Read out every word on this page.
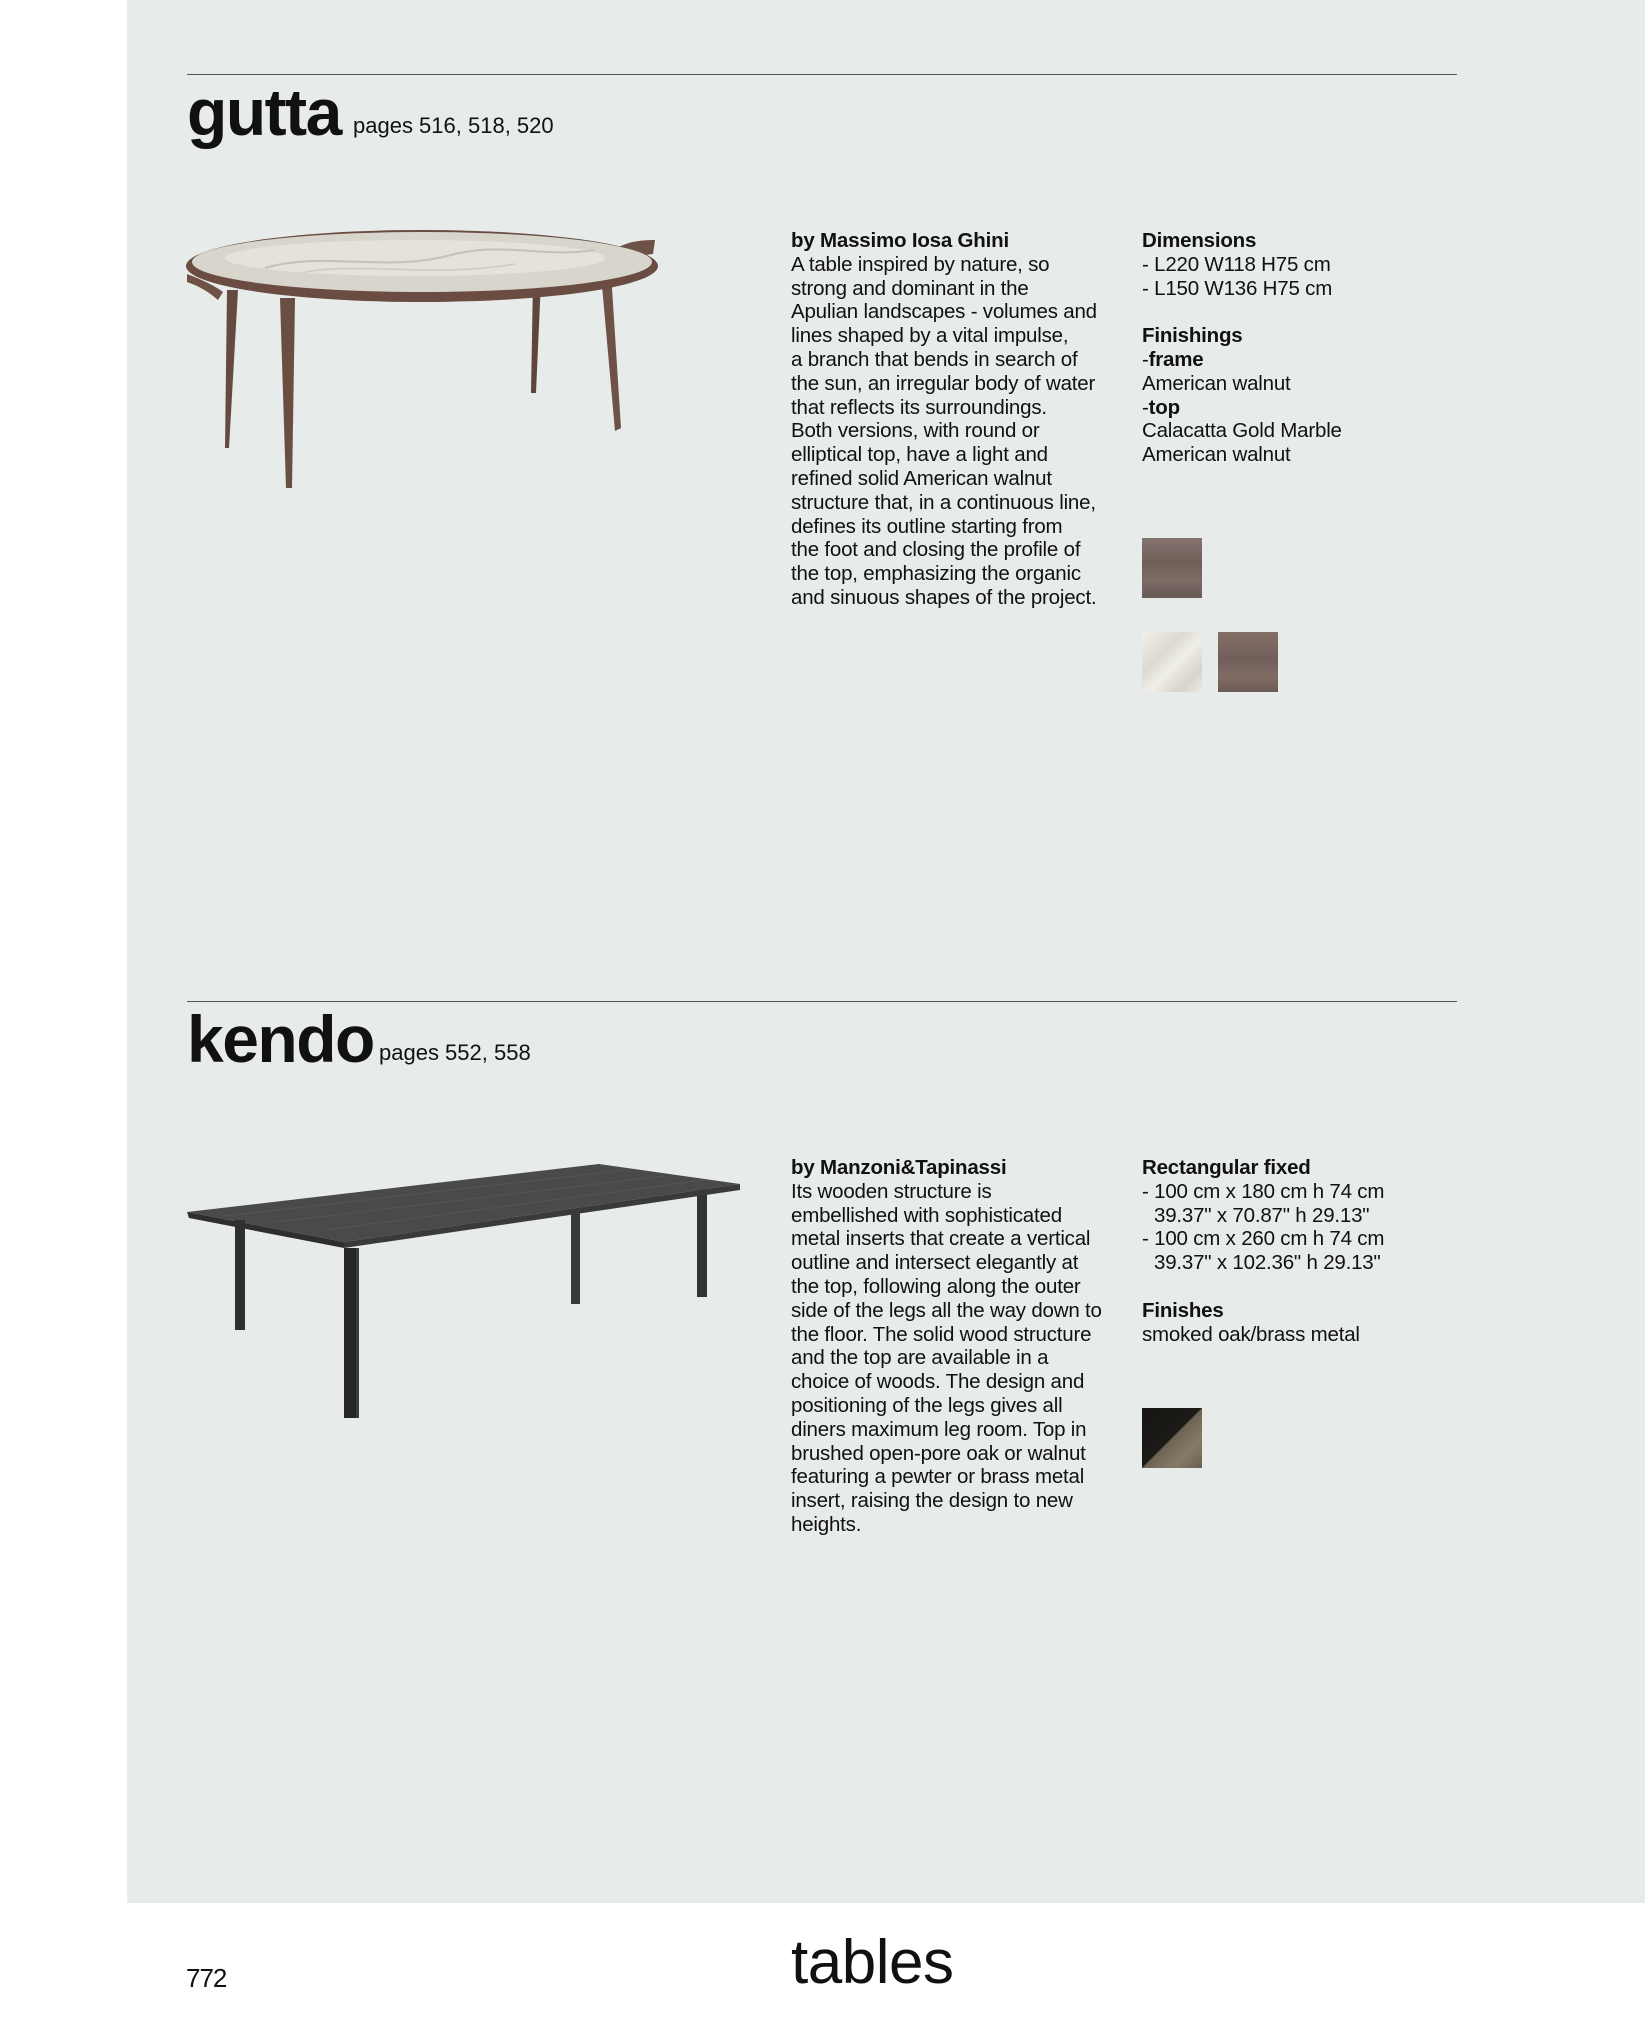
gutta pages 516, 518, 520
by Massimo Iosa Ghini
A table inspired by nature, so
strong and dominant in the
Apulian landscapes - volumes and
lines shaped by a vital impulse,
a branch that bends in search of
the sun, an irregular body of water
that reflects its surroundings.
Both versions, with round or
elliptical top, have a light and
refined solid American walnut
structure that, in a continuous line,
defines its outline starting from
the foot and closing the profile of
the top, emphasizing the organic
and sinuous shapes of the project.
Dimensions
- L220 W118 H75 cm
- L150 W136 H75 cm
Finishings
-frame
American walnut
-top
Calacatta Gold Marble
American walnut
kendo pages 552, 558
by Manzoni&Tapinassi
Its wooden structure is
embellished with sophisticated
metal inserts that create a vertical
outline and intersect elegantly at
the top, following along the outer
side of the legs all the way down to
the floor. The solid wood structure
and the top are available in a
choice of woods. The design and
positioning of the legs gives all
diners maximum leg room. Top in
brushed open-pore oak or walnut
featuring a pewter or brass metal
insert, raising the design to new
heights.
Rectangular fixed
- 100 cm x 180 cm h 74 cm
39.37" x 70.87" h 29.13"
- 100 cm x 260 cm h 74 cm
39.37" x 102.36" h 29.13"
Finishes
smoked oak/brass metal
772	tables
